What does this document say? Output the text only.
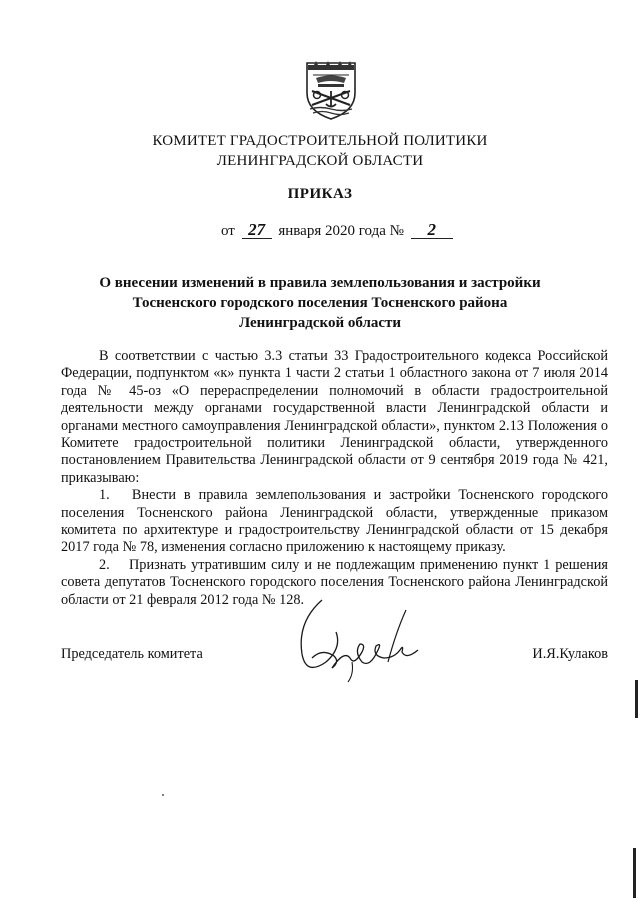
КОМИТЕТ ГРАДОСТРОИТЕЛЬНОЙ ПОЛИТИКИ
ЛЕНИНГРАДСКОЙ ОБЛАСТИ
ПРИКАЗ
от 27 января 2020 года № 2
О внесении изменений в правила землепользования и застройки
Тосненского городского поселения Тосненского района
Ленинградской области

В соответствии с частью 3.3 статьи 33 Градостроительного кодекса Российской Федерации, подпунктом «к» пункта 1 части 2 статьи 1 областного закона от 7 июля 2014 года № 45-оз «О перераспределении полномочий в области градостроительной деятельности между органами государственной власти Ленинградской области и органами местного самоуправления Ленинградской области», пунктом 2.13 Положения о Комитете градостроительной политики Ленинградской области, утвержденного постановлением Правительства Ленинградской области от 9 сентября 2019 года № 421, приказываю:

1.  Внести в правила землепользования и застройки Тосненского городского поселения Тосненского района Ленинградской области, утвержденные приказом комитета по архитектуре и градостроительству Ленинградской области от 15 декабря 2017 года № 78, изменения согласно приложению к настоящему приказу.

2.  Признать утратившим силу и не подлежащим применению пункт 1 решения совета депутатов Тосненского городского поселения Тосненского района Ленинградской области от 21 февраля 2012 года № 128.

Председатель комитета	И.Я.Кулаков
